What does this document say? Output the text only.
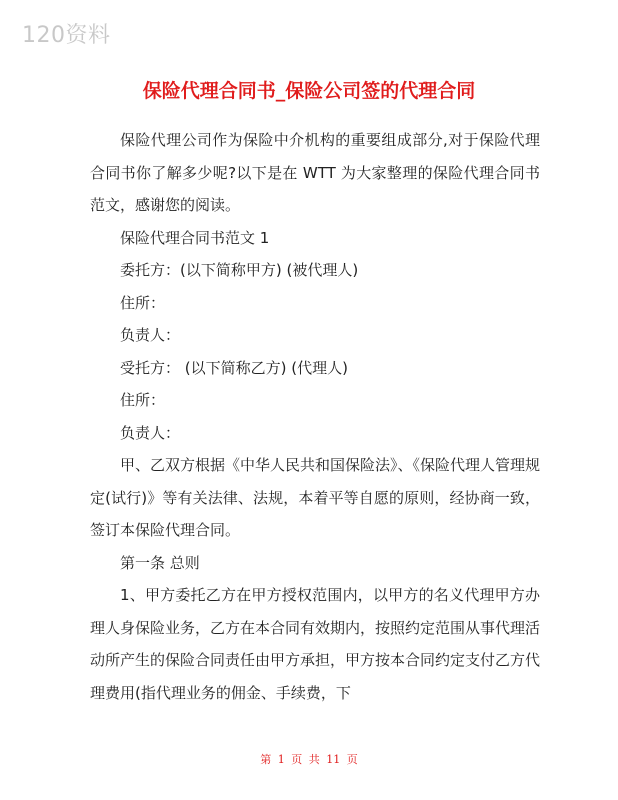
120资料
保险代理合同书_保险公司签的代理合同

保险代理公司作为保险中介机构的重要组成部分,对于保险代理合同书你了解多少呢?以下是在 WTT 为大家整理的保险代理合同书范文，感谢您的阅读。

保险代理合同书范文 1
委托方：(以下简称甲方) (被代理人)
住所：
负责人：
受托方： (以下简称乙方) (代理人)
住所：
负责人：

甲、乙双方根据《中华人民共和国保险法》、《保险代理人管理规定(试行)》等有关法律、法规，本着平等自愿的原则，经协商一致，签订本保险代理合同。

第一条 总则

1、甲方委托乙方在甲方授权范围内，以甲方的名义代理甲方办理人身保险业务，乙方在本合同有效期内，按照约定范围从事代理活动所产生的保险合同责任由甲方承担，甲方按本合同约定支付乙方代理费用(指代理业务的佣金、手续费，下

第 1 页 共 11 页
